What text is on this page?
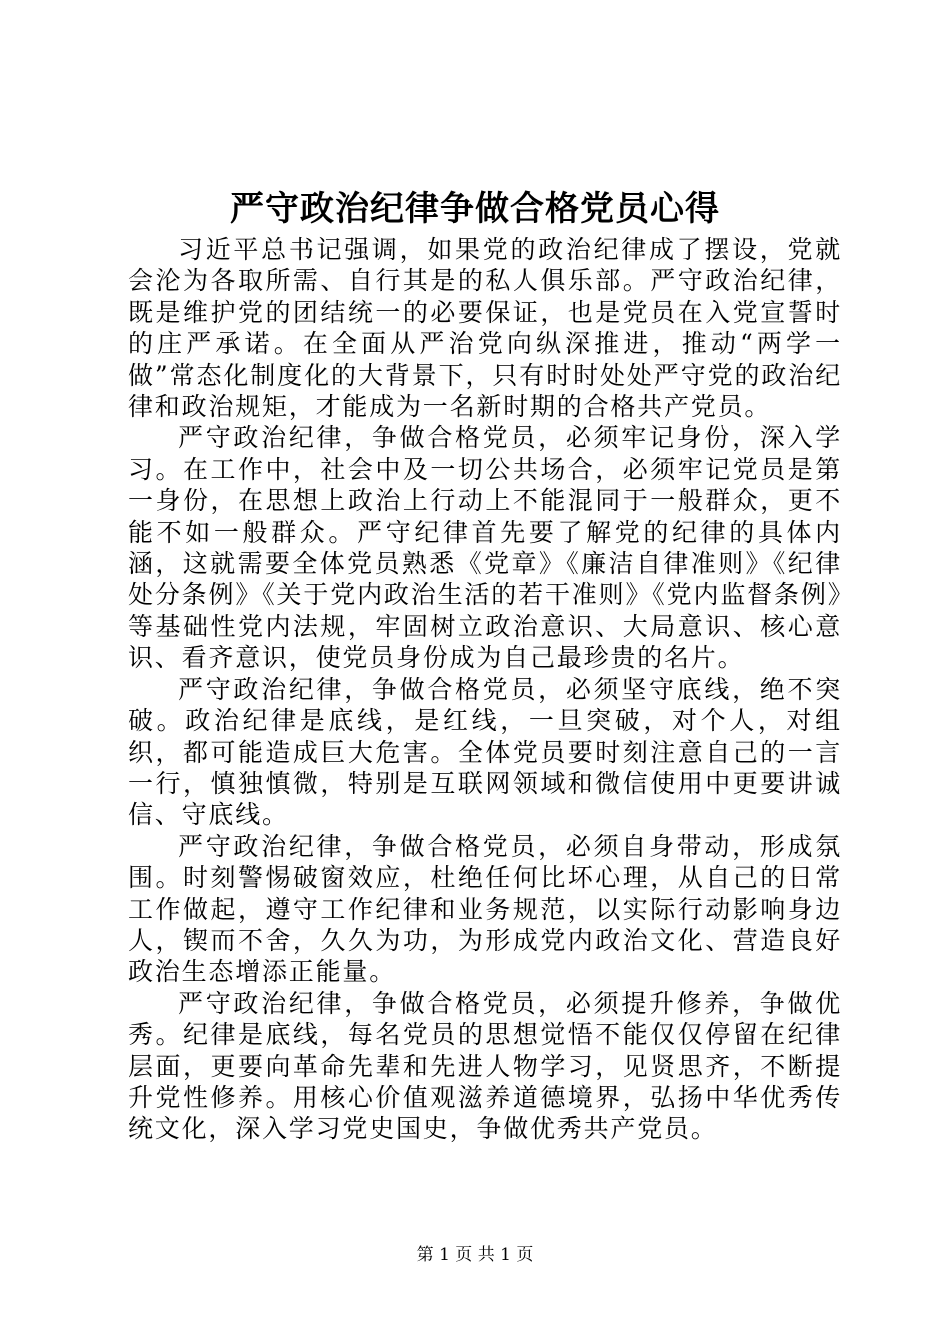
严守政治纪律争做合格党员心得

习近平总书记强调，如果党的政治纪律成了摆设，党就会沦为各取所需、自行其是的私人俱乐部。严守政治纪律，既是维护党的团结统一的必要保证，也是党员在入党宣誓时的庄严承诺。在全面从严治党向纵深推进，推动“两学一做”常态化制度化的大背景下，只有时时处处严守党的政治纪律和政治规矩，才能成为一名新时期的合格共产党员。

严守政治纪律，争做合格党员，必须牢记身份，深入学习。在工作中，社会中及一切公共场合，必须牢记党员是第一身份，在思想上政治上行动上不能混同于一般群众，更不能不如一般群众。严守纪律首先要了解党的纪律的具体内涵，这就需要全体党员熟悉《党章》《廉洁自律准则》《纪律处分条例》《关于党内政治生活的若干准则》《党内监督条例》等基础性党内法规，牢固树立政治意识、大局意识、核心意识、看齐意识，使党员身份成为自己最珍贵的名片。

严守政治纪律，争做合格党员，必须坚守底线，绝不突破。政治纪律是底线，是红线，一旦突破，对个人，对组织，都可能造成巨大危害。全体党员要时刻注意自己的一言一行，慎独慎微，特别是互联网领域和微信使用中更要讲诚信、守底线。

严守政治纪律，争做合格党员，必须自身带动，形成氛围。时刻警惕破窗效应，杜绝任何比坏心理，从自己的日常工作做起，遵守工作纪律和业务规范，以实际行动影响身边人，锲而不舍，久久为功，为形成党内政治文化、营造良好政治生态增添正能量。

严守政治纪律，争做合格党员，必须提升修养，争做优秀。纪律是底线，每名党员的思想觉悟不能仅仅停留在纪律层面，更要向革命先辈和先进人物学习，见贤思齐，不断提升党性修养。用核心价值观滋养道德境界，弘扬中华优秀传统文化，深入学习党史国史，争做优秀共产党员。

第 1 页 共 1 页
